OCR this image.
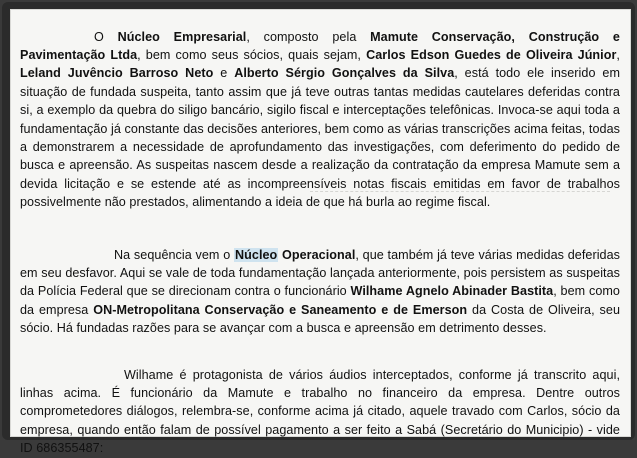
O Núcleo Empresarial, composto pela Mamute Conservação, Construção e Pavimentação Ltda, bem como seus sócios, quais sejam, Carlos Edson Guedes de Oliveira Júnior, Leland Juvêncio Barroso Neto e Alberto Sérgio Gonçalves da Silva, está todo ele inserido em situação de fundada suspeita, tanto assim que já teve outras tantas medidas cautelares deferidas contra si, a exemplo da quebra do siligo bancário, sigilo fiscal e interceptações telefônicas. Invoca-se aqui toda a fundamentação já constante das decisões anteriores, bem como as várias transcrições acima feitas, todas a demonstrarem a necessidade de aprofundamento das investigações, com deferimento do pedido de busca e apreensão. As suspeitas nascem desde a realização da contratação da empresa Mamute sem a devida licitação e se estende até as incompreensíveis notas fiscais emitidas em favor de trabalhos possivelmente não prestados, alimentando a ideia de que há burla ao regime fiscal.

Na sequência vem o Núcleo Operacional, que também já teve várias medidas deferidas em seu desfavor. Aqui se vale de toda fundamentação lançada anteriormente, pois persistem as suspeitas da Polícia Federal que se direcionam contra o funcionário Wilhame Agnelo Abinader Bastita, bem como da empresa ON-Metropolitana Conservação e Saneamento e de Emerson da Costa de Oliveira, seu sócio. Há fundadas razões para se avançar com a busca e apreensão em detrimento desses.

Wilhame é protagonista de vários áudios interceptados, conforme já transcrito aqui, linhas acima. É funcionário da Mamute e trabalho no financeiro da empresa. Dentre outros comprometedores diálogos, relembra-se, conforme acima já citado, aquele travado com Carlos, sócio da empresa, quando então falam de possível pagamento a ser feito a Sabá (Secretário do Municipio) - vide ID 686355487:
